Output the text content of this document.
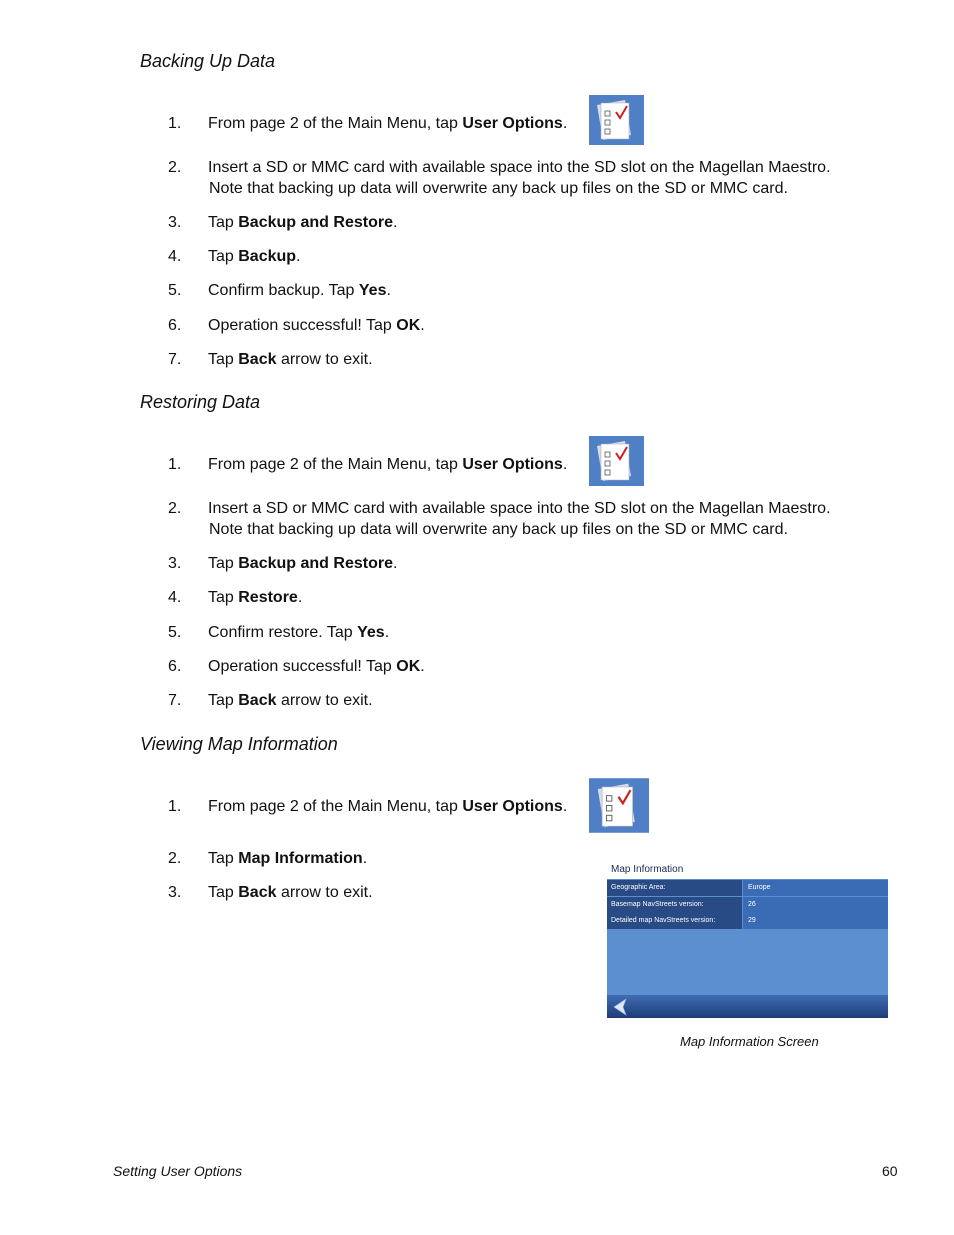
Backing Up Data
1.	From page 2 of the Main Menu, tap User Options.
2.	Insert a SD or MMC card with available space into the SD slot on the Magellan Maestro.
Note that backing up data will overwrite any back up files on the SD or MMC card.
3.	Tap Backup and Restore.
4.	Tap Backup.
5.	Confirm backup. Tap Yes.
6.	Operation successful! Tap OK.
7.	Tap Back arrow to exit.
Restoring Data
1.	From page 2 of the Main Menu, tap User Options.
2.	Insert a SD or MMC card with available space into the SD slot on the Magellan Maestro.
Note that backing up data will overwrite any back up files on the SD or MMC card.
3.	Tap Backup and Restore.
4.	Tap Restore.
5.	Confirm restore. Tap Yes.
6.	Operation successful! Tap OK.
7.	Tap Back arrow to exit.
Viewing Map Information
1.	From page 2 of the Main Menu, tap User Options.
2.	Tap Map Information.
3.	Tap Back arrow to exit.
Map Information
Geographic Area:	Europe
Basemap NavStreets version:	26
Detailed map NavStreets version:	29
Map Information Screen
Setting User Options	60
